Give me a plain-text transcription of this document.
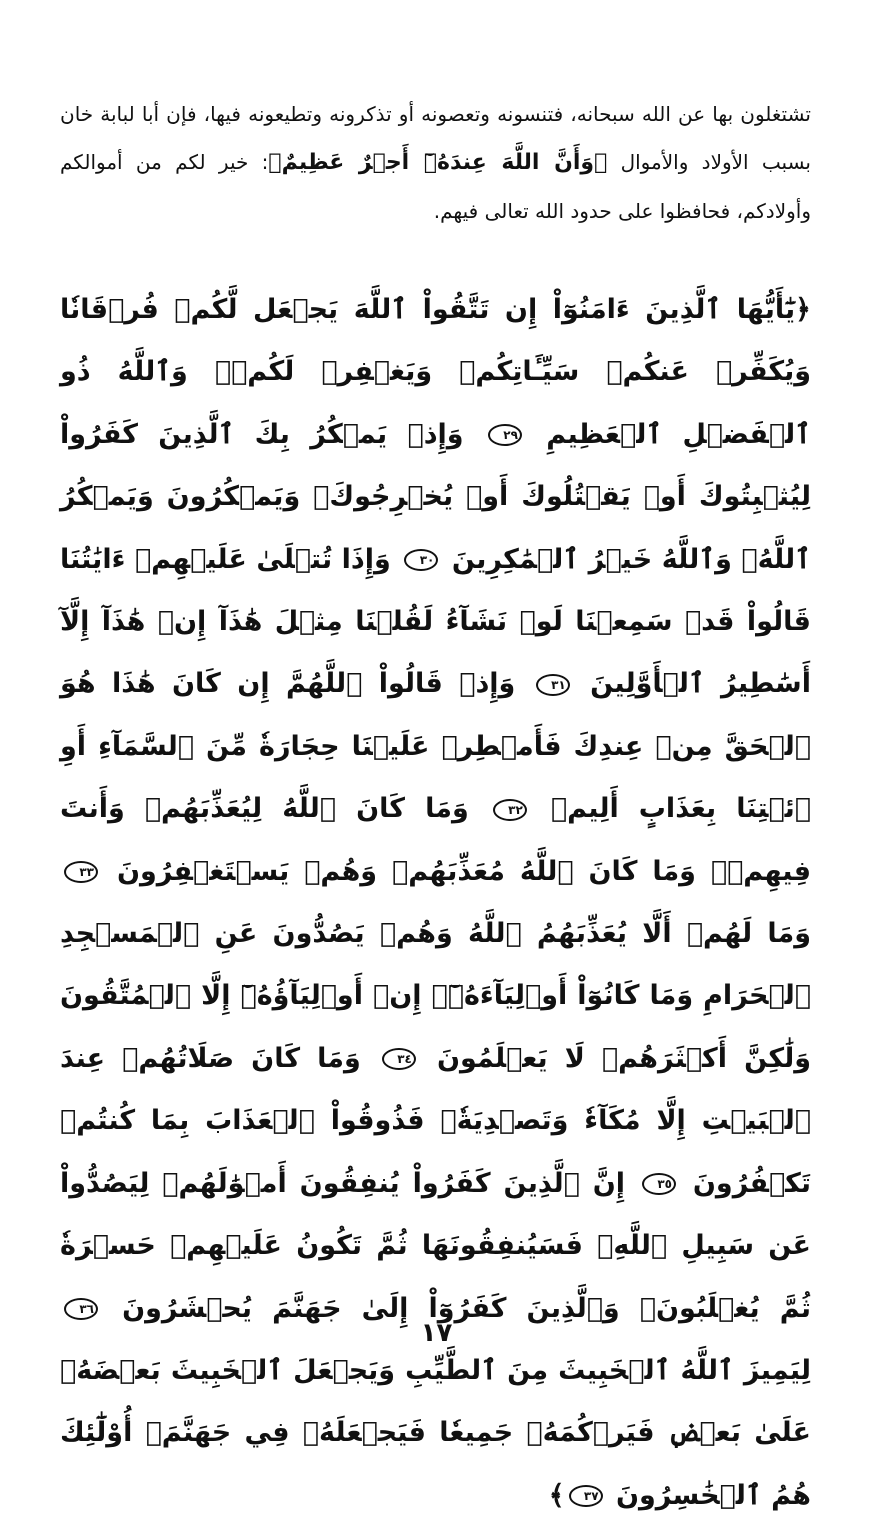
تشتغلون بها عن الله سبحانه، فتنسونه وتعصونه أو تذكرونه وتطيعونه فيها، فإن أبا لبابة خان بسبب الأولاد والأموال ﴿وَأَنَّ اللَّهَ عِندَهُۥٓ أَجۡرٌ عَظِيمٌ﴾: خير لكم من أموالكم وأولادكم، فحافظوا على حدود الله تعالى فيهم.

﴿يَٰٓأَيُّهَا ٱلَّذِينَ ءَامَنُوٓاْ إِن تَتَّقُواْ ٱللَّهَ يَجۡعَل لَّكُمۡ فُرۡقَانٗا وَيُكَفِّرۡ عَنكُمۡ سَيِّـَٔاتِكُمۡ وَيَغۡفِرۡ لَكُمۡۗ وَٱللَّهُ ذُو ٱلۡفَضۡلِ ٱلۡعَظِيمِ ٢٩ وَإِذۡ يَمۡكُرُ بِكَ ٱلَّذِينَ كَفَرُواْ لِيُثۡبِتُوكَ أَوۡ يَقۡتُلُوكَ أَوۡ يُخۡرِجُوكَۚ وَيَمۡكُرُونَ وَيَمۡكُرُ ٱللَّهُۖ وَٱللَّهُ خَيۡرُ ٱلۡمَٰكِرِينَ ٣٠ وَإِذَا تُتۡلَىٰ عَلَيۡهِمۡ ءَايَٰتُنَا قَالُواْ قَدۡ سَمِعۡنَا لَوۡ نَشَآءُ لَقُلۡنَا مِثۡلَ هَٰذَآ إِنۡ هَٰذَآ إِلَّآ أَسَٰطِيرُ ٱلۡأَوَّلِينَ ٣١ وَإِذۡ قَالُواْ ٱللَّهُمَّ إِن كَانَ هَٰذَا هُوَ ٱلۡحَقَّ مِنۡ عِندِكَ فَأَمۡطِرۡ عَلَيۡنَا حِجَارَةٗ مِّنَ ٱلسَّمَآءِ أَوِ ٱئۡتِنَا بِعَذَابٍ أَلِيمٖ ٣٢ وَمَا كَانَ ٱللَّهُ لِيُعَذِّبَهُمۡ وَأَنتَ فِيهِمۡۚ وَمَا كَانَ ٱللَّهُ مُعَذِّبَهُمۡ وَهُمۡ يَسۡتَغۡفِرُونَ ٣٣ وَمَا لَهُمۡ أَلَّا يُعَذِّبَهُمُ ٱللَّهُ وَهُمۡ يَصُدُّونَ عَنِ ٱلۡمَسۡجِدِ ٱلۡحَرَامِ وَمَا كَانُوٓاْ أَوۡلِيَآءَهُۥٓۚ إِنۡ أَوۡلِيَآؤُهُۥٓ إِلَّا ٱلۡمُتَّقُونَ وَلَٰكِنَّ أَكۡثَرَهُمۡ لَا يَعۡلَمُونَ ٣٤ وَمَا كَانَ صَلَاتُهُمۡ عِندَ ٱلۡبَيۡتِ إِلَّا مُكَآءٗ وَتَصۡدِيَةٗۚ فَذُوقُواْ ٱلۡعَذَابَ بِمَا كُنتُمۡ تَكۡفُرُونَ ٣٥ إِنَّ ٱلَّذِينَ كَفَرُواْ يُنفِقُونَ أَمۡوَٰلَهُمۡ لِيَصُدُّواْ عَن سَبِيلِ ٱللَّهِۚ فَسَيُنفِقُونَهَا ثُمَّ تَكُونُ عَلَيۡهِمۡ حَسۡرَةٗ ثُمَّ يُغۡلَبُونَۗ وَٱلَّذِينَ كَفَرُوٓاْ إِلَىٰ جَهَنَّمَ يُحۡشَرُونَ ٣٦ لِيَمِيزَ ٱللَّهُ ٱلۡخَبِيثَ مِنَ ٱلطَّيِّبِ وَيَجۡعَلَ ٱلۡخَبِيثَ بَعۡضَهُۥ عَلَىٰ بَعۡضٖ فَيَرۡكُمَهُۥ جَمِيعٗا فَيَجۡعَلَهُۥ فِي جَهَنَّمَۚ أُوْلَٰٓئِكَ هُمُ ٱلۡخَٰسِرُونَ ٣٧﴾

١٧
